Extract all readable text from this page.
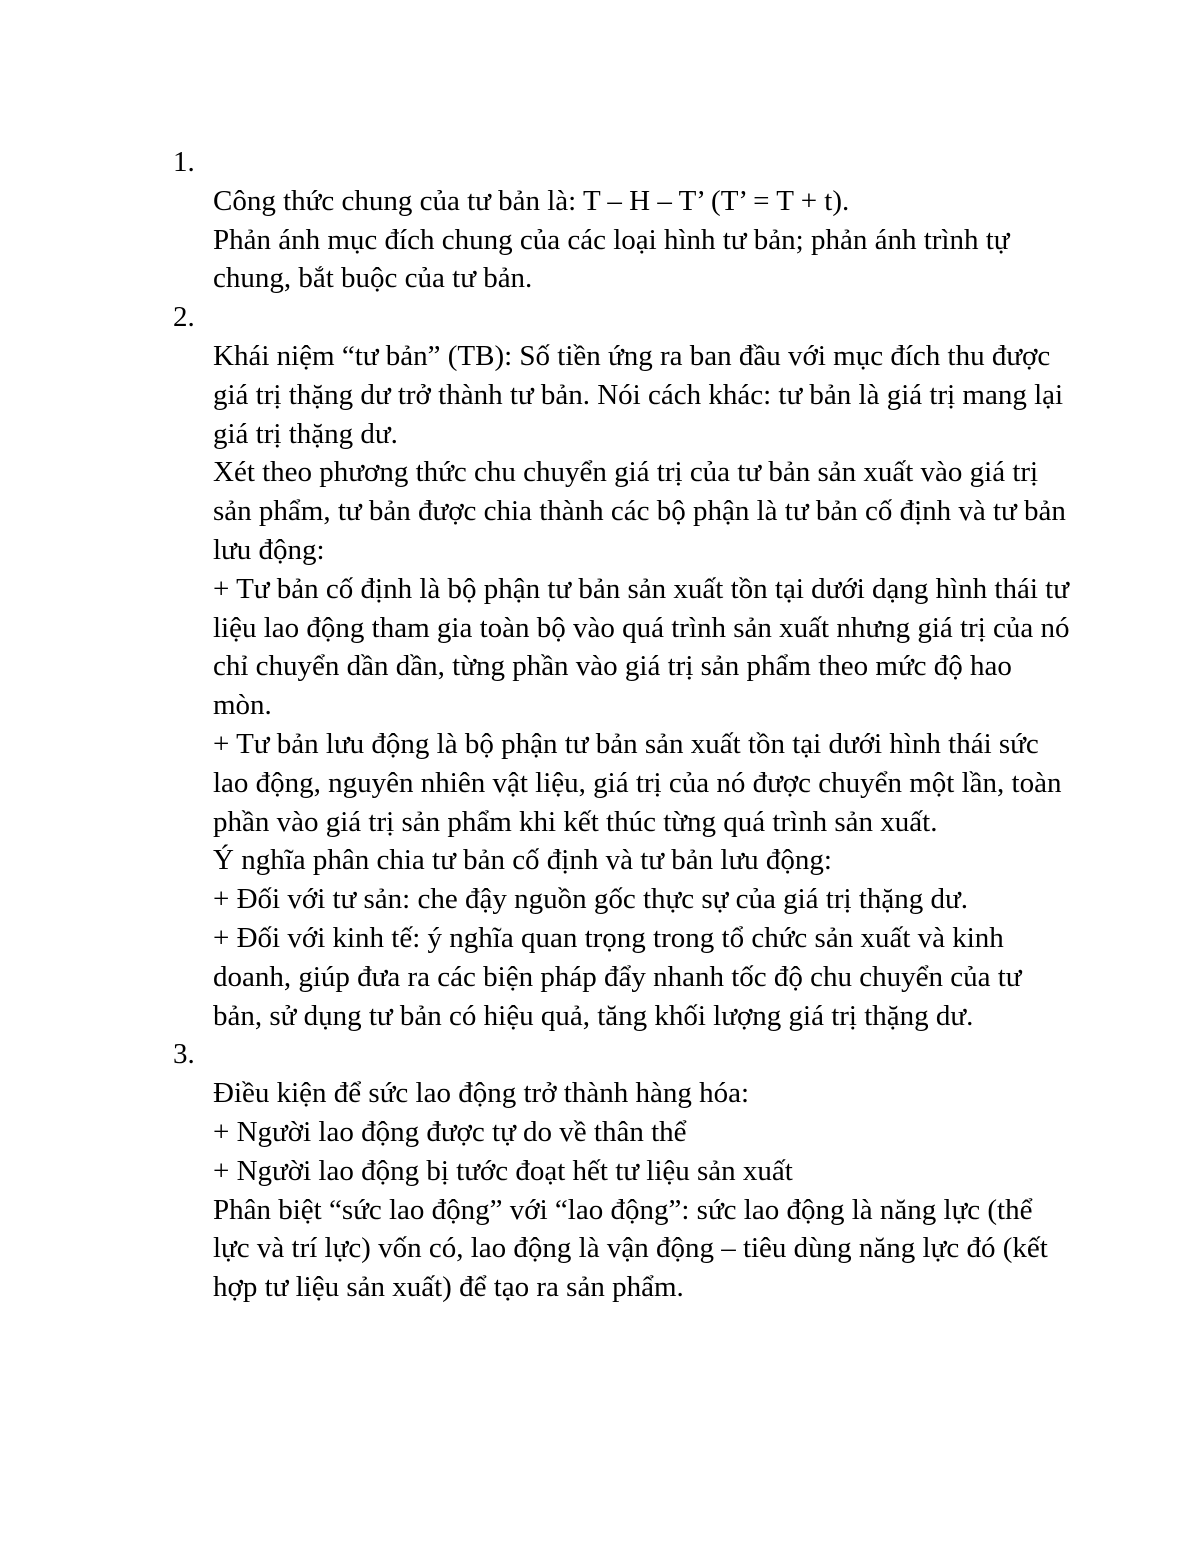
1.

Công thức chung của tư bản là: T – H – T’ (T’ = T + t).

Phản ánh mục đích chung của các loại hình tư bản; phản ánh trình tự chung, bắt buộc của tư bản.

2.

Khái niệm “tư bản” (TB): Số tiền ứng ra ban đầu với mục đích thu được giá trị thặng dư trở thành tư bản. Nói cách khác: tư bản là giá trị mang lại giá trị thặng dư.

Xét theo phương thức chu chuyển giá trị của tư bản sản xuất vào giá trị sản phẩm, tư bản được chia thành các bộ phận là tư bản cố định và tư bản lưu động:

+ Tư bản cố định là bộ phận tư bản sản xuất tồn tại dưới dạng hình thái tư liệu lao động tham gia toàn bộ vào quá trình sản xuất nhưng giá trị của nó chỉ chuyển dần dần, từng phần vào giá trị sản phẩm theo mức độ hao mòn.

+ Tư bản lưu động là bộ phận tư bản sản xuất tồn tại dưới hình thái sức lao động, nguyên nhiên vật liệu, giá trị của nó được chuyển một lần, toàn phần vào giá trị sản phẩm khi kết thúc từng quá trình sản xuất.

Ý nghĩa phân chia tư bản cố định và tư bản lưu động:

+ Đối với tư sản: che đậy nguồn gốc thực sự của giá trị thặng dư.

+ Đối với kinh tế: ý nghĩa quan trọng trong tổ chức sản xuất và kinh doanh, giúp đưa ra các biện pháp đẩy nhanh tốc độ chu chuyển của tư bản, sử dụng tư bản có hiệu quả, tăng khối lượng giá trị thặng dư.

3.

Điều kiện để sức lao động trở thành hàng hóa:

+ Người lao động được tự do về thân thể

+ Người lao động bị tước đoạt hết tư liệu sản xuất

Phân biệt “sức lao động” với “lao động”: sức lao động là năng lực (thể lực và trí lực) vốn có, lao động là vận động – tiêu dùng năng lực đó (kết hợp tư liệu sản xuất) để tạo ra sản phẩm.
